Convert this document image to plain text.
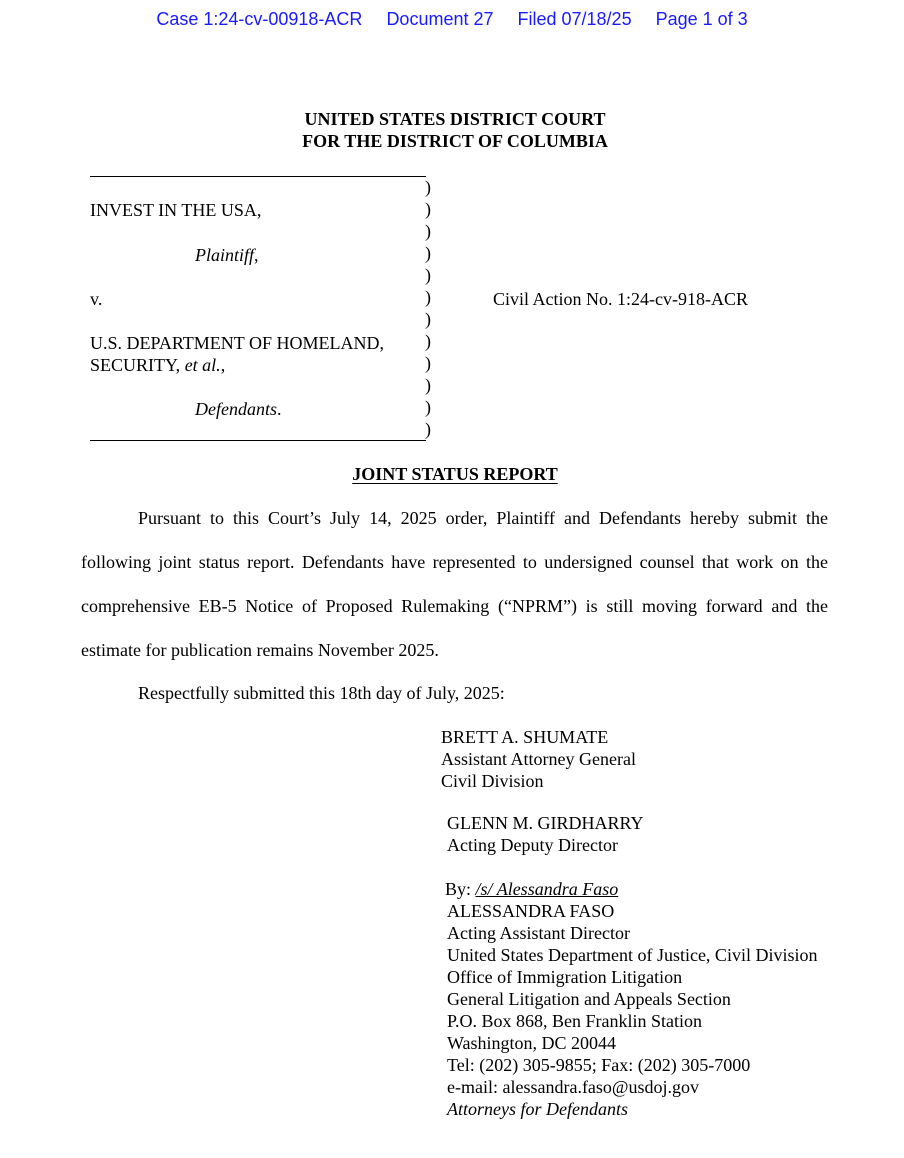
Case 1:24-cv-00918-ACR Document 27 Filed 07/18/25 Page 1 of 3
UNITED STATES DISTRICT COURT
FOR THE DISTRICT OF COLUMBIA
)
)
)
)
)
)
)
)
)
)
)
)
INVEST IN THE USA,
Plaintiff,
v.
U.S. DEPARTMENT OF HOMELAND,
SECURITY, et al.,
Defendants.
Civil Action No. 1:24-cv-918-ACR
JOINT STATUS REPORT
Pursuant to this Court’s July 14, 2025 order, Plaintiff and Defendants hereby submit the following joint status report. Defendants have represented to undersigned counsel that work on the comprehensive EB-5 Notice of Proposed Rulemaking (“NPRM”) is still moving forward and the estimate for publication remains November 2025.
Respectfully submitted this 18th day of July, 2025:
BRETT A. SHUMATE
Assistant Attorney General
Civil Division
GLENN M. GIRDHARRY
Acting Deputy Director
By: /s/ Alessandra Faso
ALESSANDRA FASO
Acting Assistant Director
United States Department of Justice, Civil Division
Office of Immigration Litigation
General Litigation and Appeals Section
P.O. Box 868, Ben Franklin Station
Washington, DC 20044
Tel: (202) 305-9855; Fax: (202) 305-7000
e-mail: alessandra.faso@usdoj.gov
Attorneys for Defendants
